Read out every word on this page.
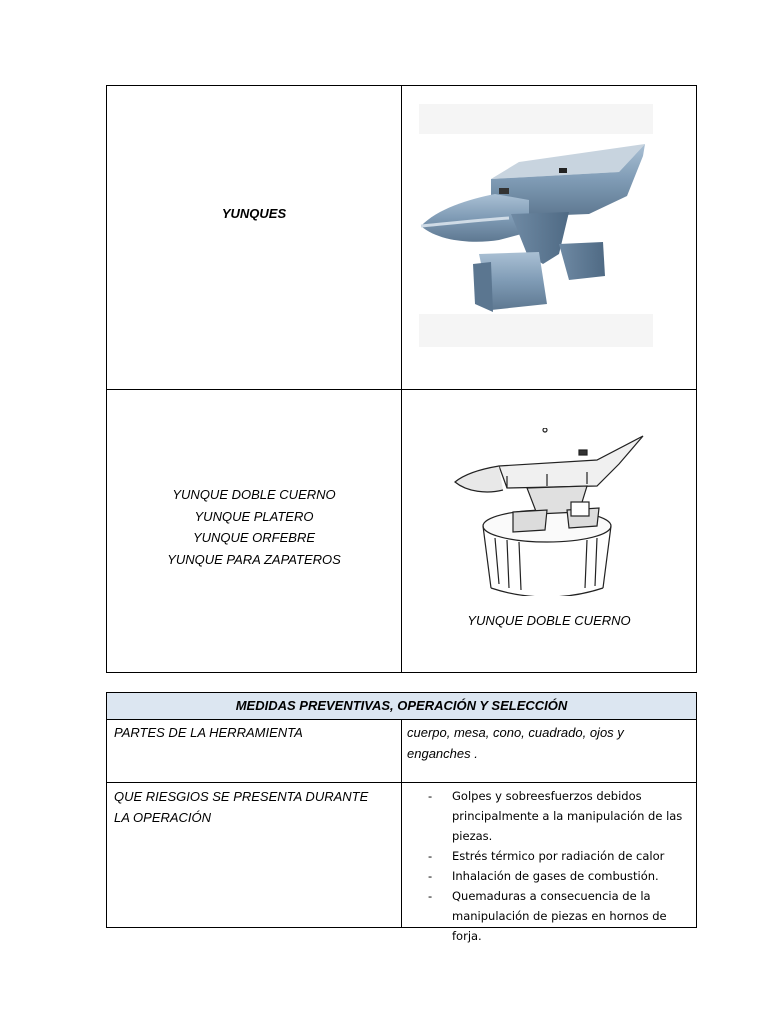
YUNQUES
YUNQUE DOBLE CUERNO
YUNQUE PLATERO
YUNQUE ORFEBRE
YUNQUE PARA ZAPATEROS
YUNQUE DOBLE CUERNO
MEDIDAS PREVENTIVAS, OPERACIÓN Y SELECCIÓN
PARTES DE LA HERRAMIENTA	cuerpo, mesa, cono, cuadrado, ojos y enganches .
QUE RIESGIOS SE PRESENTA DURANTE LA OPERACIÓN
- Golpes y sobreesfuerzos debidos principalmente a la manipulación de las piezas.
- Estrés térmico por radiación de calor
- Inhalación de gases de combustión.
- Quemaduras a consecuencia de la manipulación de piezas en hornos de forja.
